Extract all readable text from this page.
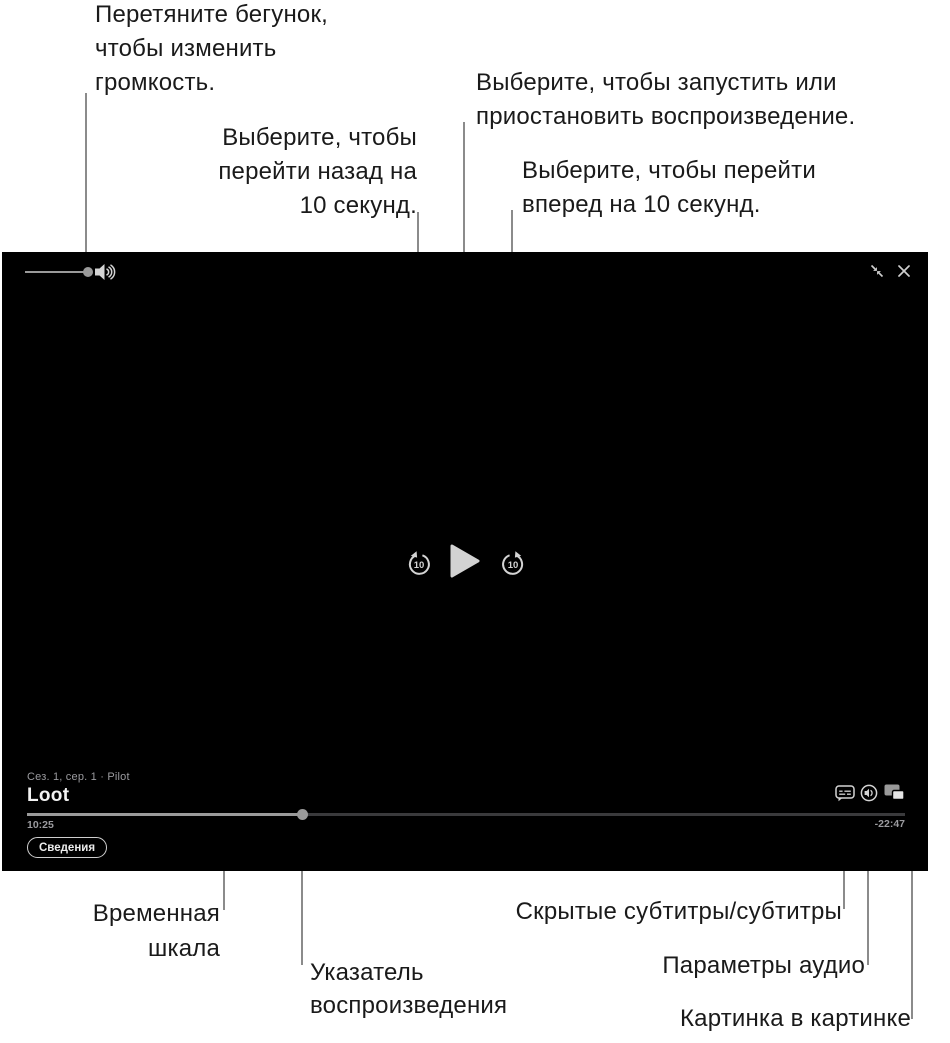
Перетяните бегунок,
чтобы изменить
громкость.
Выберите, чтобы
перейти назад на
10 секунд.
Выберите, чтобы запустить или
приостановить воспроизведение.
Выберите, чтобы перейти
вперед на 10 секунд.
Временная
шкала
Указатель
воспроизведения
Скрытые субтитры/субтитры
Параметры аудио
Картинка в картинке
10	10
Сез. 1, сер. 1 · Pilot
Loot
10:25	-22:47
Сведения
